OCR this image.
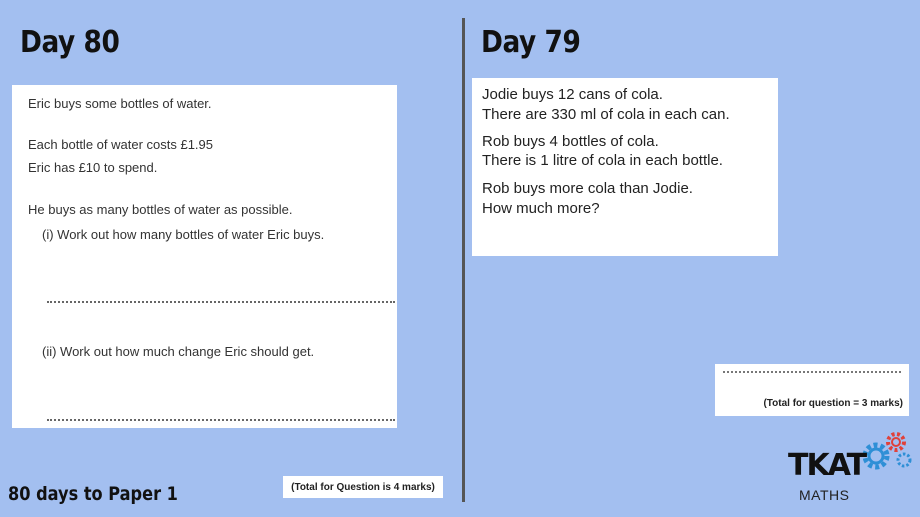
Day 80	Day 79
Eric buys some bottles of water.
Each bottle of water costs £1.95
Eric has £10 to spend.
He buys as many bottles of water as possible.
(i) Work out how many bottles of water Eric buys.
(ii) Work out how much change Eric should get.
(Total for Question is 4 marks)
Jodie buys 12 cans of cola.
There are 330 ml of cola in each can.
Rob buys 4 bottles of cola.
There is 1 litre of cola in each bottle.
Rob buys more cola than Jodie.
How much more?
(Total for question = 3 marks)
80 days to Paper 1
TKAT
MATHS
